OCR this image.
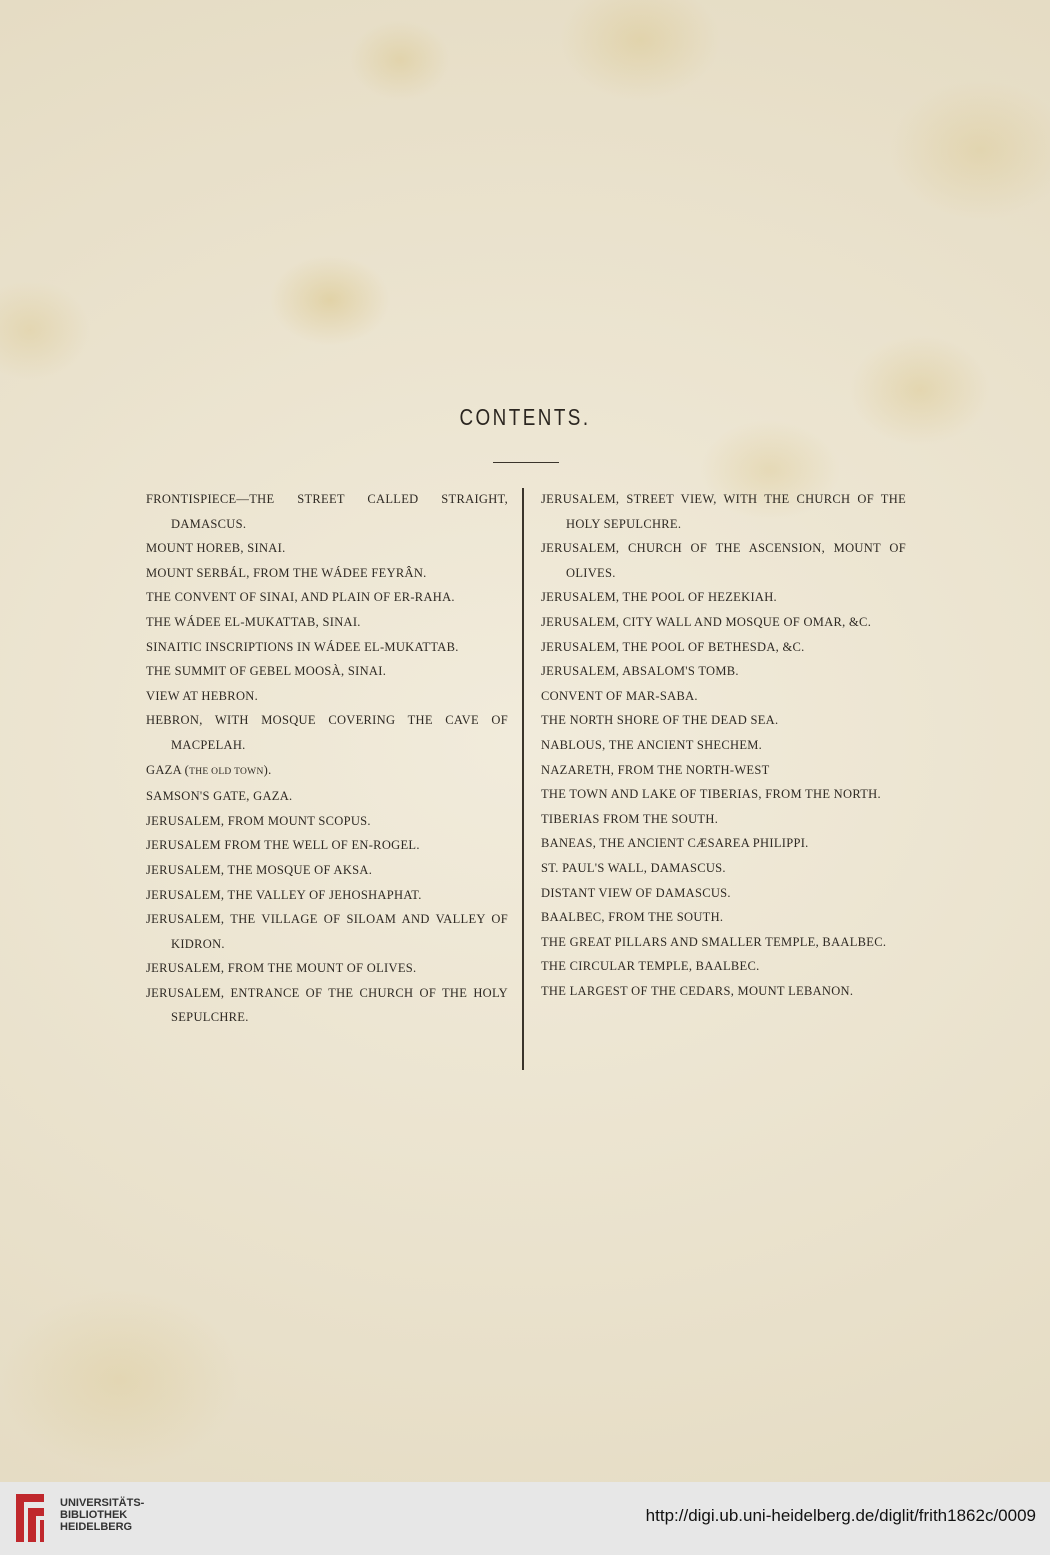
CONTENTS.
FRONTISPIECE—THE STREET CALLED STRAIGHT, DAMASCUS.
MOUNT HOREB, SINAI.
MOUNT SERBÁL, FROM THE WÁDEE FEYRÂN.
THE CONVENT OF SINAI, AND PLAIN OF ER-RAHA.
THE WÁDEE EL-MUKATTAB, SINAI.
SINAITIC INSCRIPTIONS IN WÁDEE EL-MUKATTAB.
THE SUMMIT OF GEBEL MOOSÀ, SINAI.
VIEW AT HEBRON.
HEBRON, WITH MOSQUE COVERING THE CAVE OF MACPELAH.
GAZA (THE OLD TOWN).
SAMSON'S GATE, GAZA.
JERUSALEM, FROM MOUNT SCOPUS.
JERUSALEM FROM THE WELL OF EN-ROGEL.
JERUSALEM, THE MOSQUE OF AKSA.
JERUSALEM, THE VALLEY OF JEHOSHAPHAT.
JERUSALEM, THE VILLAGE OF SILOAM AND VALLEY OF KIDRON.
JERUSALEM, FROM THE MOUNT OF OLIVES.
JERUSALEM, ENTRANCE OF THE CHURCH OF THE HOLY SEPULCHRE.
JERUSALEM, STREET VIEW, WITH THE CHURCH OF THE HOLY SEPULCHRE.
JERUSALEM, CHURCH OF THE ASCENSION, MOUNT OF OLIVES.
JERUSALEM, THE POOL OF HEZEKIAH.
JERUSALEM, CITY WALL AND MOSQUE OF OMAR, &C.
JERUSALEM, THE POOL OF BETHESDA, &C.
JERUSALEM, ABSALOM'S TOMB.
CONVENT OF MAR-SABA.
THE NORTH SHORE OF THE DEAD SEA.
NABLOUS, THE ANCIENT SHECHEM.
NAZARETH, FROM THE NORTH-WEST
THE TOWN AND LAKE OF TIBERIAS, FROM THE NORTH.
TIBERIAS FROM THE SOUTH.
BANEAS, THE ANCIENT CÆSAREA PHILIPPI.
ST. PAUL'S WALL, DAMASCUS.
DISTANT VIEW OF DAMASCUS.
BAALBEC, FROM THE SOUTH.
THE GREAT PILLARS AND SMALLER TEMPLE, BAALBEC.
THE CIRCULAR TEMPLE, BAALBEC.
THE LARGEST OF THE CEDARS, MOUNT LEBANON.
UNIVERSITÄTS-
BIBLIOTHEK
HEIDELBERG
http://digi.ub.uni-heidelberg.de/diglit/frith1862c/0009
